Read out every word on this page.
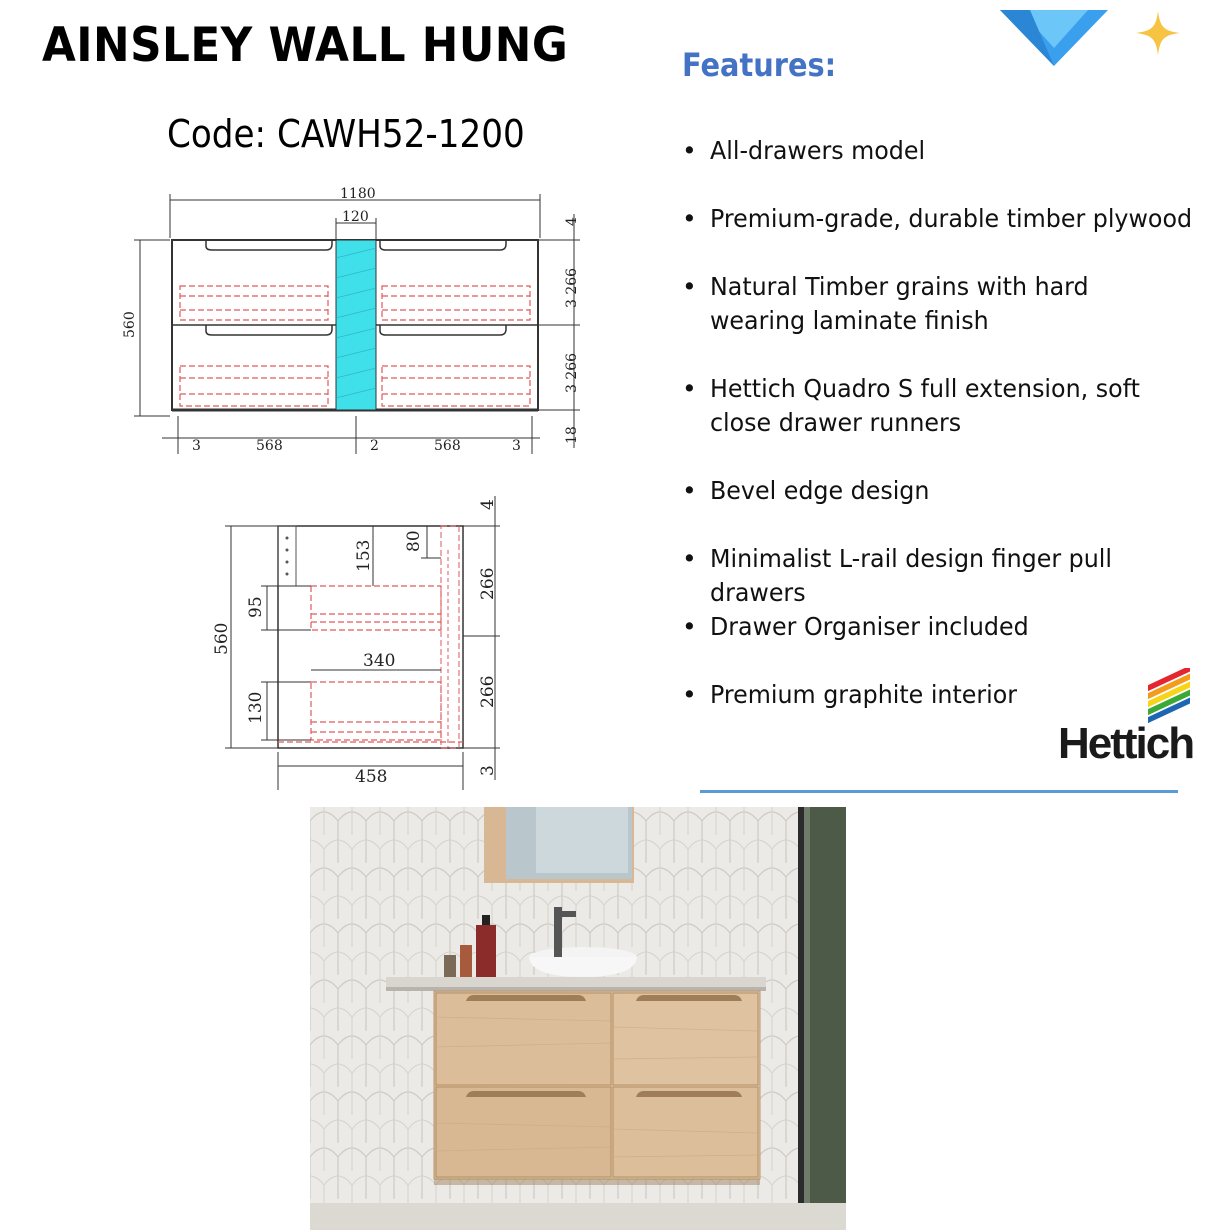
AINSLEY WALL HUNG
Code: CAWH52-1200
Features:
• All-drawers model
• Premium-grade, durable timber plywood
• Natural Timber grains with hard wearing laminate finish
• Hettich Quadro S full extension, soft close drawer runners
• Bevel edge design
• Minimalist L-rail design finger pull drawers
• Drawer Organiser included
• Premium graphite interior
Hettich
1180
120
560
4
3 266
3 266
18
3	568	2	568	3
560
153 80
95
340
130
4
266
266
3
458
